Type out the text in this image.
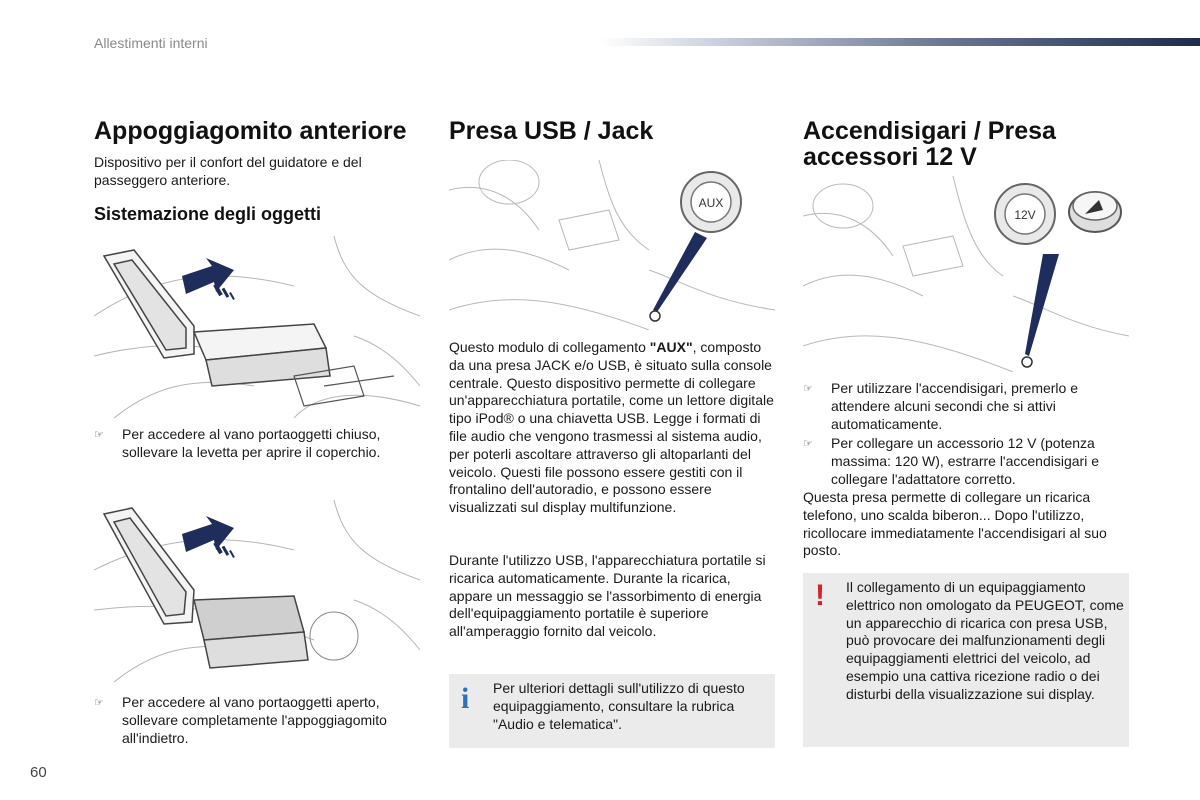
Allestimenti interni
Appoggiagomito anteriore
Dispositivo per il confort del guidatore e del passeggero anteriore.
Sistemazione degli oggetti
☞	Per accedere al vano portaoggetti chiuso, sollevare la levetta per aprire il coperchio.
☞	Per accedere al vano portaoggetti aperto, sollevare completamente l'appoggiagomito all'indietro.
Presa USB / Jack
AUX
Questo modulo di collegamento "AUX", composto da una presa JACK e/o USB, è situato sulla console centrale. Questo dispositivo permette di collegare un'apparecchiatura portatile, come un lettore digitale tipo iPod® o una chiavetta USB. Legge i formati di file audio che vengono trasmessi al sistema audio, per poterli ascoltare attraverso gli altoparlanti del veicolo. Questi file possono essere gestiti con il frontalino dell'autoradio, e possono essere visualizzati sul display multifunzione.
Durante l'utilizzo USB, l'apparecchiatura portatile si ricarica automaticamente. Durante la ricarica, appare un messaggio se l'assorbimento di energia dell'equipaggiamento portatile è superiore all'amperaggio fornito dal veicolo.
i Per ulteriori dettagli sull'utilizzo di questo equipaggiamento, consultare la rubrica "Audio e telematica".
Accendisigari / Presa accessori 12 V
12V
☞	Per utilizzare l'accendisigari, premerlo e attendere alcuni secondi che si attivi automaticamente.
☞	Per collegare un accessorio 12 V (potenza massima: 120 W), estrarre l'accendisigari e collegare l'adattatore corretto.
Questa presa permette di collegare un ricarica telefono, uno scalda biberon... Dopo l'utilizzo, ricollocare immediatamente l'accendisigari al suo posto.
! Il collegamento di un equipaggiamento elettrico non omologato da PEUGEOT, come un apparecchio di ricarica con presa USB, può provocare dei malfunzionamenti degli equipaggiamenti elettrici del veicolo, ad esempio una cattiva ricezione radio o dei disturbi della visualizzazione sui display.
60
